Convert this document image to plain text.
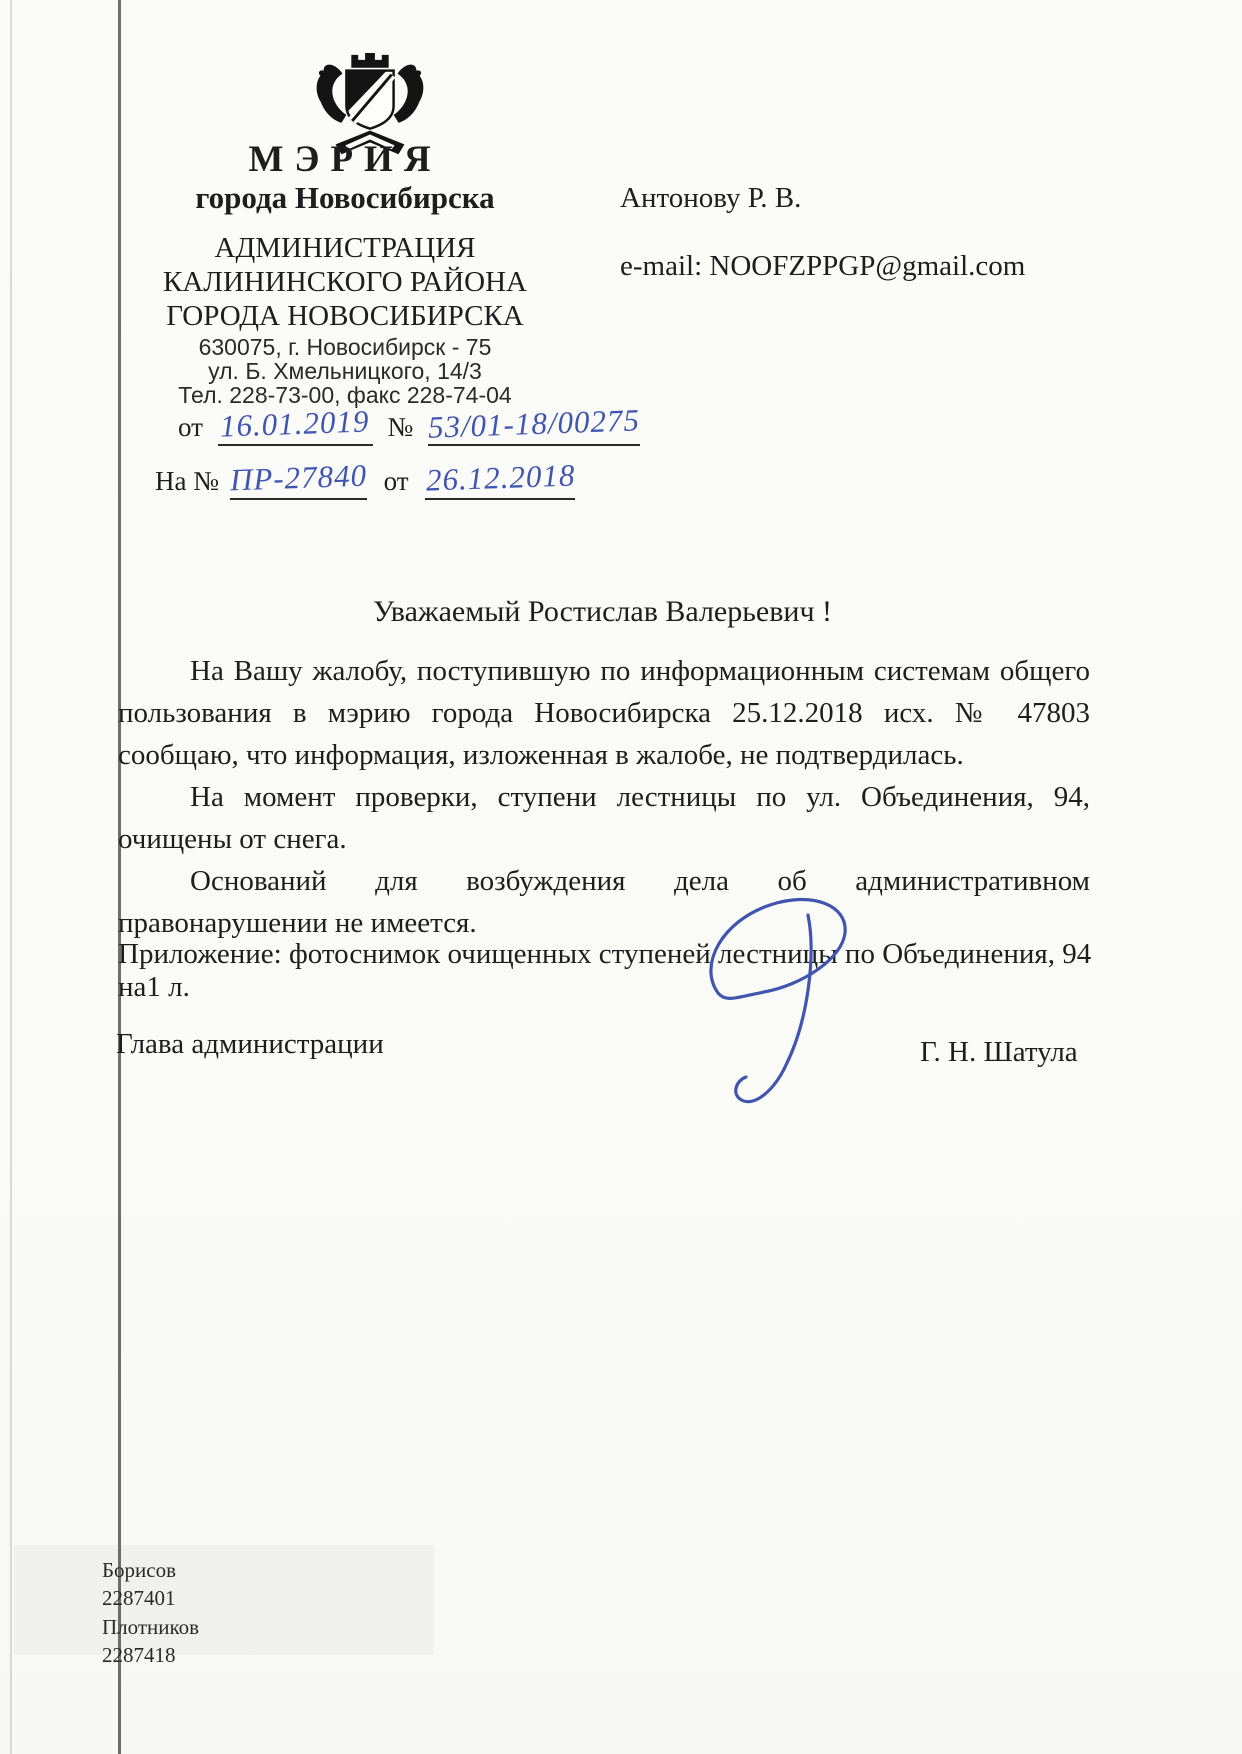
МЭРИЯ
города Новосибирска
АДМИНИСТРАЦИЯ
КАЛИНИНСКОГО РАЙОНА
ГОРОДА НОВОСИБИРСКА
630075, г. Новосибирск - 75
ул. Б. Хмельницкого, 14/3
Тел. 228-73-00, факс 228-74-04
от 16.01.2019 № 53/01-18/00275
На № ПР-27840 от 26.12.2018
Антонову Р. В.
e-mail: NOOFZPPGP@gmail.com
Уважаемый Ростислав Валерьевич !

На Вашу жалобу, поступившую по информационным системам общего пользования в мэрию города Новосибирска 25.12.2018 исх. № 47803 сообщаю, что информация, изложенная в жалобе, не подтвердилась.

На момент проверки, ступени лестницы по ул. Объединения, 94, очищены от снега.

Оснований для возбуждения дела об административном правонарушении не имеется.

Приложение: фотоснимок очищенных ступеней лестницы по Объединения, 94 на1 л.
Глава администрации	Г. Н. Шатула
Борисов
2287401
Плотников
2287418
